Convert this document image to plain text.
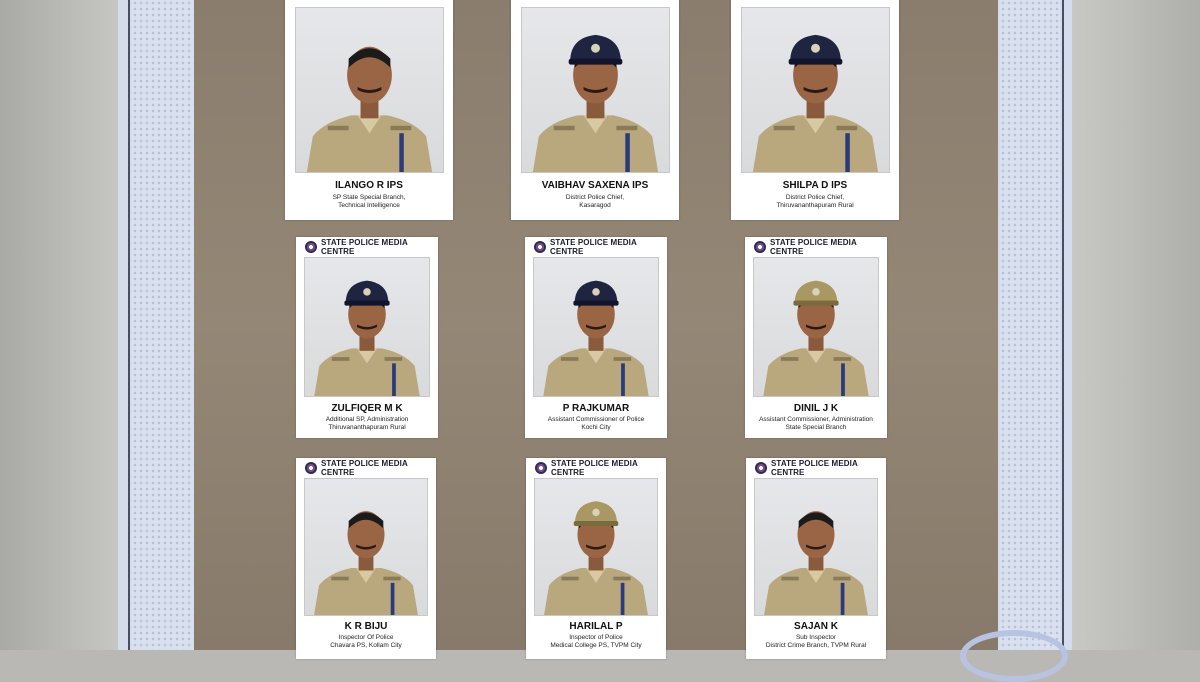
ILANGO R IPS
SP State Special Branch,
Technical Intelligence
VAIBHAV SAXENA IPS
District Police Chief,
Kasaragod
SHILPA D IPS
District Police Chief,
Thiruvananthapuram Rural
STATE POLICE MEDIA CENTRE
ZULFIQER M K
Additional SP, Administration
Thiruvananthapuram Rural
STATE POLICE MEDIA CENTRE
P RAJKUMAR
Assistant Commissioner of Police
Kochi City
STATE POLICE MEDIA CENTRE
DINIL J K
Assistant Commissioner, Administration
State Special Branch
STATE POLICE MEDIA CENTRE
K R BIJU
Inspector Of Police
Chavara PS, Kollam City
STATE POLICE MEDIA CENTRE
HARILAL P
Inspector of Police
Medical College PS, TVPM City
STATE POLICE MEDIA CENTRE
SAJAN K
Sub Inspector
District Crime Branch, TVPM Rural
